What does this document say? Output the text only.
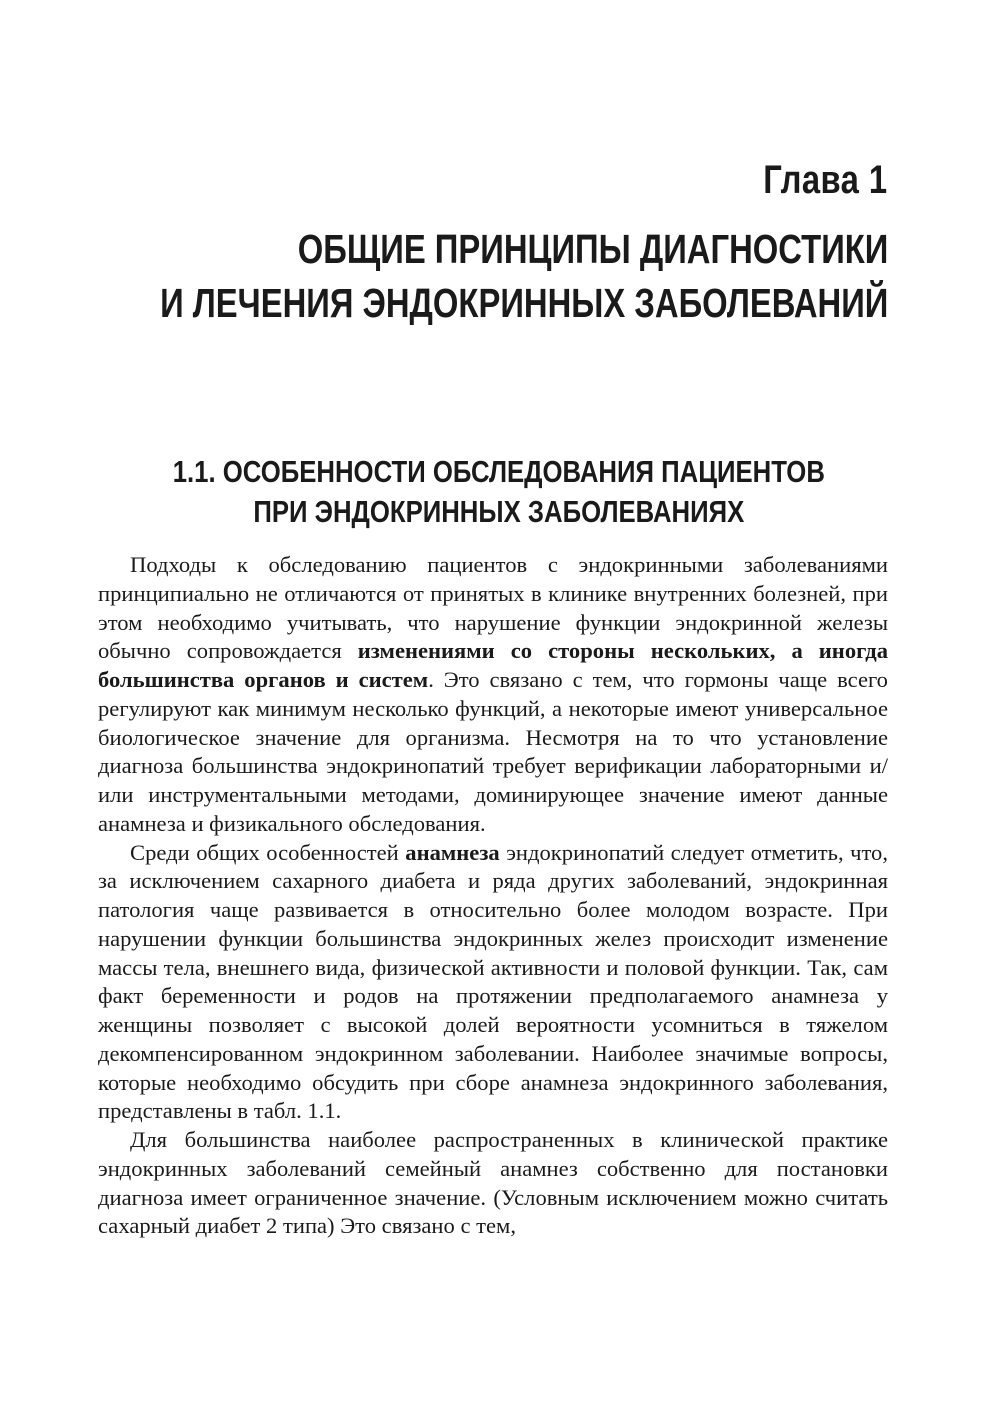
Глава 1
ОБЩИЕ ПРИНЦИПЫ ДИАГНОСТИКИ
И ЛЕЧЕНИЯ ЭНДОКРИННЫХ ЗАБОЛЕВАНИЙ
1.1. ОСОБЕННОСТИ ОБСЛЕДОВАНИЯ ПАЦИЕНТОВ
ПРИ ЭНДОКРИННЫХ ЗАБОЛЕВАНИЯХ

Подходы к обследованию пациентов с эндокринными заболеваниями принципиально не отличаются от принятых в клинике внутренних болезней, при этом необходимо учитывать, что нарушение функции эндокринной железы обычно сопровождается изменениями со стороны нескольких, а иногда большинства органов и систем. Это связано с тем, что гормоны чаще всего регулируют как минимум несколько функций, а некоторые имеют универсальное биологическое значение для организма. Несмотря на то что установление диагноза большинства эндокринопатий требует верификации лабораторными и/или инструментальными методами, доминирующее значение имеют данные анамнеза и физикального обследования.

Среди общих особенностей анамнеза эндокринопатий следует отметить, что, за исключением сахарного диабета и ряда других заболеваний, эндокринная патология чаще развивается в относительно более молодом возрасте. При нарушении функции большинства эндокринных желез происходит изменение массы тела, внешнего вида, физической активности и половой функции. Так, сам факт беременности и родов на протяжении предполагаемого анамнеза у женщины позволяет с высокой долей вероятности усомниться в тяжелом декомпенсированном эндокринном заболевании. Наиболее значимые вопросы, которые необходимо обсудить при сборе анамнеза эндокринного заболевания, представлены в табл. 1.1.

Для большинства наиболее распространенных в клинической практике эндокринных заболеваний семейный анамнез собственно для постановки диагноза имеет ограниченное значение. (Условным исключением можно считать сахарный диабет 2 типа) Это связано с тем,
